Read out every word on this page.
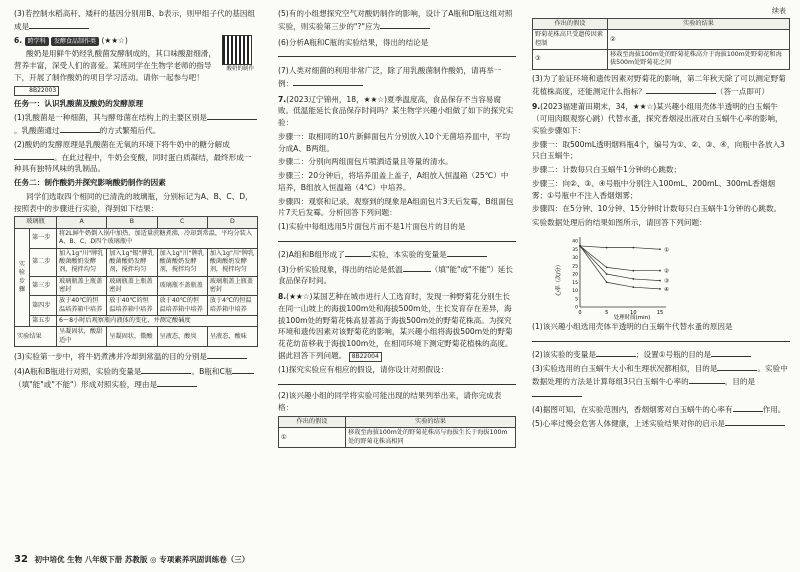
续表

(3)若控制水稻高秆、矮秆的基因分别用B、b表示，则甲组子代的基因组成是

6. 跨学科 发酵食品制作类 (★★☆)

酸奶的制作

酸奶是用鲜牛奶经乳酸菌发酵制成的，其口味酸甜细滑，营养丰富，深受人们的喜爱。某班同学在生物学老师的指导下，开展了制作酸奶的项目学习活动。请你一起参与吧！ 8B22003

任务一：认识乳酸菌及酸奶的发酵原理

(1)乳酸菌是一种细菌，其与酵母菌在结构上的主要区别是。乳酸菌通过	的方式繁殖后代。

(2)酸奶的发酵原理是乳酸菌在无氧的环境下将牛奶中的糖分解成。在此过程中，牛奶会变酸，同时蛋白质凝结，最终形成一种具有独特风味的乳制品。

任务二：制作酸奶并探究影响酸奶制作的因素

同学们选取四个相同的已清洗的玻璃瓶，分别标记为A、B、C、D，按照表中的步骤进行实验，得到如下结果：

玻璃瓶		A	B	C	D
实验步骤	第一步	将2L鲜牛奶倒入锅中加热，加适量蔗糖煮沸，冷却到常温，平均分装入A、B、C、D四个玻璃瓶中			
	第二步	加入1g"川"牌乳酸菌酸奶发酵剂，搅拌均匀	加入1g"锡"牌乳酸菌酸奶发酵剂，搅拌均匀	加入1g"川"牌乳酸菌酸奶发酵剂，搅拌均匀	加入1g"川"牌乳酸菌酸奶发酵剂，搅拌均匀
	第三步	玻璃瓶盖上瓶盖密封	玻璃瓶盖上瓶盖密封	玻璃瓶不盖瓶盖	玻璃瓶盖上瓶盖密封
	第四步	放于40℃的恒温培养箱中培养	放于40℃的恒温培养箱中培养	放于40℃的恒温培养箱中培养	放于4℃的恒温培养箱中培养
	第五步	6～8小时后观察瓶内液体的变化，并测定酸碱度			
实验结果		呈凝固状，酸甜适中	呈凝固状，微酸	呈液态，酸臭	呈液态，酸味

(3)实验第一步中，将牛奶煮沸并冷却到常温的目的分别是

(4)A瓶和B瓶进行对照，实验的变量是	。B瓶和C瓶（填"能"或"不能"）形成对照实验，理由是

(5)有的小组想探究空气对酸奶制作的影响，设计了A瓶和D瓶这组对照实验，则实验第三步的"?"应为

(6)分析A瓶和C瓶的实验结果，得出的结论是

(7)人类对细菌的利用非常广泛，除了用乳酸菌制作酸奶，请再举一例：

7.(2023辽宁锦州，18，★★☆)夏季温度高，食品保存不当容易腐败。低温能延长食品保存时间吗？某生物学兴趣小组做了如下的探究实验：

步骤一：取相同的10片新鲜面包片分别放入10个无菌培养皿中，平均分成A、B两组。

步骤二：分别向两组面包片喷洒适量且等量的清水。

步骤三：20分钟后，将培养皿盖上盖子，A组放入恒温箱（25℃）中培养，B组放入恒温箱（4℃）中培养。

步骤四：观察和记录。观察到的现象是A组面包片3天后发霉，B组面包片7天后发霉。分析回答下列问题：

(1)实验中每组选用5片面包片而不是1片面包片的目的是

(2)A组和B组形成了	实验，本实验的变量是

(3)分析实验现象，得出的结论是低温	（填"能"或"不能"）延长食品保存时间。

8.(★★☆)某国艺种在城市进行人工选育时，发现一种野菊花分别生长在同一山坡上的海拔100m处和海拔500m处，生长发育存在差异，海拔100m处的野菊花株高显著高于海拔500m处的野菊花株高。为探究环境和遗传因素对该野菊花的影响，某兴趣小组将海拔500m处的野菊花花幼苗移栽于海拔100m处，在相同环境下测定野菊花植株的高度。据此回答下列问题。 8B22004

(1)探究实验应有相应的假设，请你设计对照假设：

(2)该兴趣小组的同学将实验可能出现的结果列举出来，请你完成表格：

作出的假设	实验的结果
①	移栽至海拔100m处的野菊花株高与海拔生长于海拔100m处的野菊花株高相同
作出的假设	实验的结果
野菊花株高只受遗传因素控制	②
③	移栽至海拔100m处的野菊花株高介于海拔100m处野菊花和海拔500m处野菊花之间

(3)为了验证环境和遗传因素对野菊花的影响，第二年秋天除了可以测定野菊花植株高度，还能测定什么指标？	（答一点即可）

9.(2023福建莆田期末，34，★★☆)某兴趣小组用壳体半透明的白玉蜗牛（可用肉眼观察心跳）代替水蚤，探究香烟浸出液对白玉蜗牛心率的影响，实验步骤如下：

步骤一：取500mL透明烟料瓶4个，编号为①、②、③、④，向瓶中各放入3只白玉蜗牛；

步骤二：计数每只白玉蜗牛1分钟的心跳数；

步骤三：向②、③、④号瓶中分别注入100mL、200mL、300mL香烟烟雾；①号瓶中不注入香烟烟雾；

步骤四：在5分钟、10分钟、15分钟时计数每只白玉蜗牛1分钟的心跳数。

实验数据处理后的结果如图所示，请回答下列问题：

心率（次/分）
处理时间(min)
0	5	10	15
0
5
10
15
20
25
30
35
40
①
②
③
④

(1)该兴趣小组选用壳体半透明的白玉蜗牛代替水蚤的原因是

(2)该实验的变量是	；设置①号瓶的目的是

(3)实验选用的白玉蜗牛大小和生理状况都相似，目的是	。实验中数据处理的方法是计算每组3只白玉蜗牛心率的	，目的是

(4)据图可知，在实验范围内，香烟烟雾对白玉蜗牛的心率有	作用。

(5)心率过慢会危害人体健康，上述实验结果对你的启示是

32 初中培优 生物 八年级下册 苏教版 ◎ 专项素养巩固训练卷（三）
